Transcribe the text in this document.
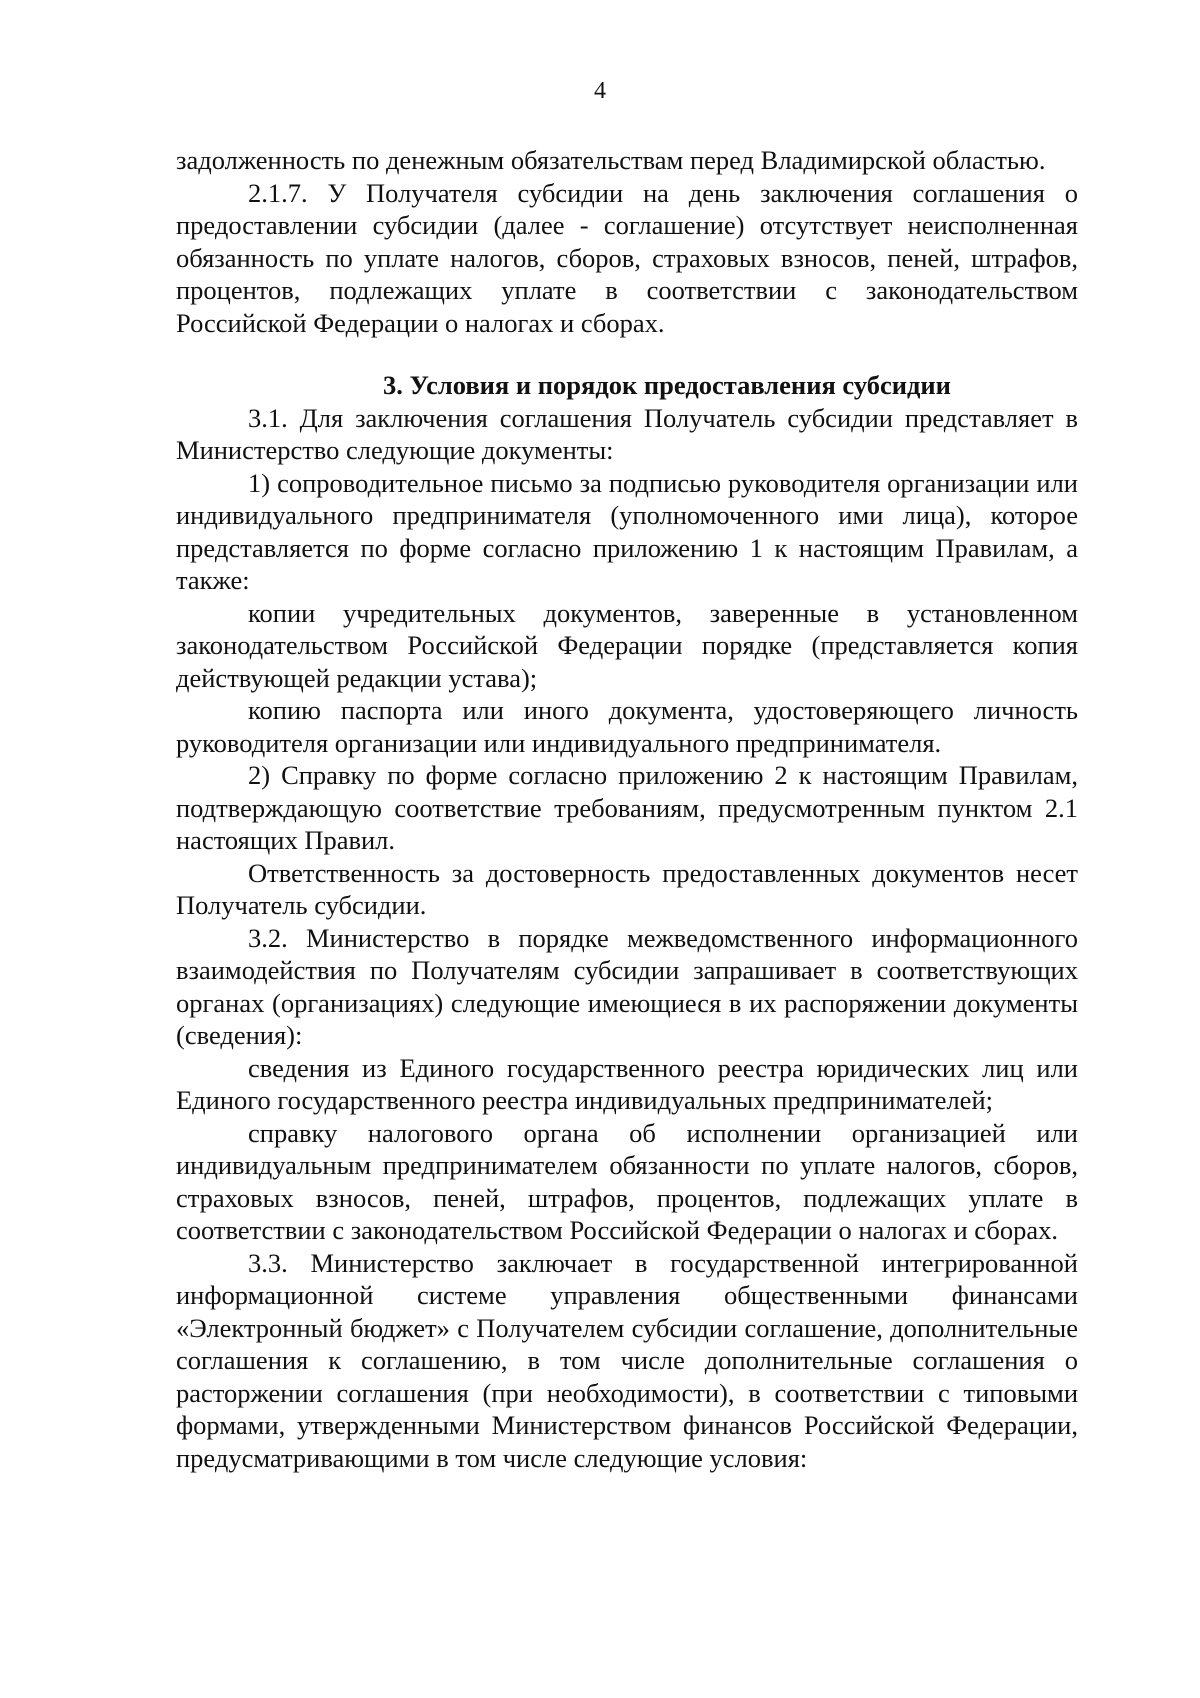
4

задолженность по денежным обязательствам перед Владимирской областью.

2.1.7. У Получателя субсидии на день заключения соглашения о предоставлении субсидии (далее - соглашение) отсутствует неисполненная обязанность по уплате налогов, сборов, страховых взносов, пеней, штрафов, процентов, подлежащих уплате в соответствии с законодательством Российской Федерации о налогах и сборах.

3. Условия и порядок предоставления субсидии

3.1. Для заключения соглашения Получатель субсидии представляет в Министерство следующие документы:

1) сопроводительное письмо за подписью руководителя организации или индивидуального предпринимателя (уполномоченного ими лица), которое представляется по форме согласно приложению 1 к настоящим Правилам, а также:

копии учредительных документов, заверенные в установленном законодательством Российской Федерации порядке (представляется копия действующей редакции устава);

копию паспорта или иного документа, удостоверяющего личность руководителя организации или индивидуального предпринимателя.

2) Справку по форме согласно приложению 2 к настоящим Правилам, подтверждающую соответствие требованиям, предусмотренным пунктом 2.1 настоящих Правил.

Ответственность за достоверность предоставленных документов несет Получатель субсидии.

3.2. Министерство в порядке межведомственного информационного взаимодействия по Получателям субсидии запрашивает в соответствующих органах (организациях) следующие имеющиеся в их распоряжении документы (сведения):

сведения из Единого государственного реестра юридических лиц или Единого государственного реестра индивидуальных предпринимателей;

справку налогового органа об исполнении организацией или индивидуальным предпринимателем обязанности по уплате налогов, сборов, страховых взносов, пеней, штрафов, процентов, подлежащих уплате в соответствии с законодательством Российской Федерации о налогах и сборах.

3.3. Министерство заключает в государственной интегрированной информационной системе управления общественными финансами «Электронный бюджет» с Получателем субсидии соглашение, дополнительные соглашения к соглашению, в том числе дополнительные соглашения о расторжении соглашения (при необходимости), в соответствии с типовыми формами, утвержденными Министерством финансов Российской Федерации, предусматривающими в том числе следующие условия:
